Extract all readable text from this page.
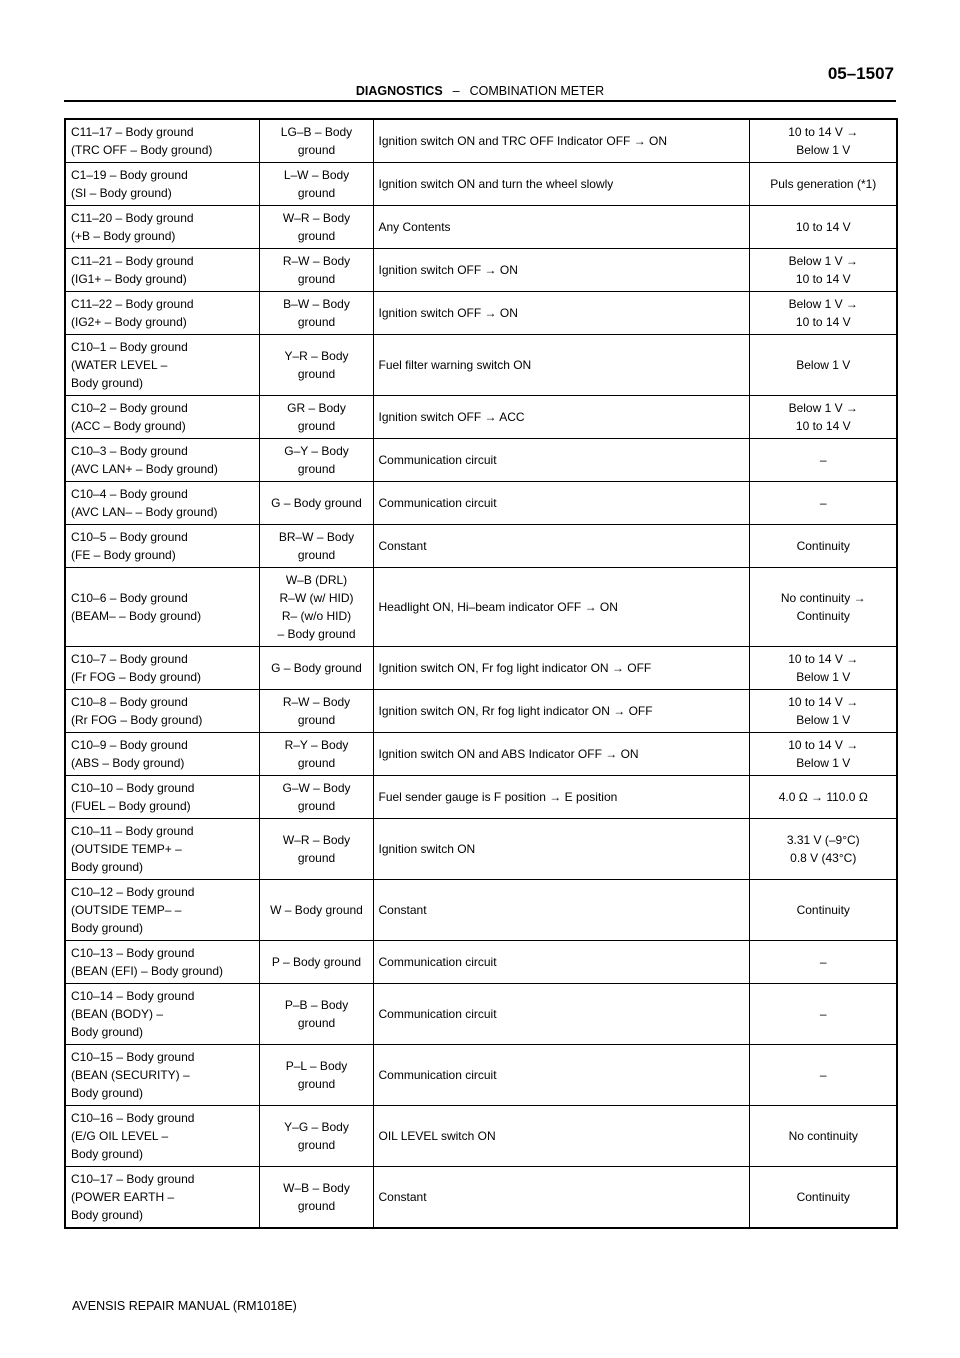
05–1507
DIAGNOSTICS – COMBINATION METER
C11–17 – Body ground
(TRC OFF – Body ground)	LG–B – Body
ground	Ignition switch ON and TRC OFF Indicator OFF → ON	10 to 14 V →
Below 1 V
C1–19 – Body ground
(SI – Body ground)	L–W – Body
ground	Ignition switch ON and turn the wheel slowly	Puls generation (*1)
C11–20 – Body ground
(+B – Body ground)	W–R – Body
ground	Any Contents	10 to 14 V
C11–21 – Body ground
(IG1+ – Body ground)	R–W – Body
ground	Ignition switch OFF → ON	Below 1 V →
10 to 14 V
C11–22 – Body ground
(IG2+ – Body ground)	B–W – Body
ground	Ignition switch OFF → ON	Below 1 V →
10 to 14 V
C10–1 – Body ground
(WATER LEVEL –
Body ground)	Y–R – Body
ground	Fuel filter warning switch ON	Below 1 V
C10–2 – Body ground
(ACC – Body ground)	GR – Body
ground	Ignition switch OFF → ACC	Below 1 V →
10 to 14 V
C10–3 – Body ground
(AVC LAN+ – Body ground)	G–Y – Body
ground	Communication circuit	–
C10–4 – Body ground
(AVC LAN– – Body ground)	G – Body ground	Communication circuit	–
C10–5 – Body ground
(FE – Body ground)	BR–W – Body
ground	Constant	Continuity
C10–6 – Body ground
(BEAM– – Body ground)	W–B (DRL)
R–W (w/ HID)
R– (w/o HID)
– Body ground	Headlight ON, Hi–beam indicator OFF → ON	No continuity →
Continuity
C10–7 – Body ground
(Fr FOG – Body ground)	G – Body ground	Ignition switch ON, Fr fog light indicator ON → OFF	10 to 14 V →
Below 1 V
C10–8 – Body ground
(Rr FOG – Body ground)	R–W – Body
ground	Ignition switch ON, Rr fog light indicator ON → OFF	10 to 14 V →
Below 1 V
C10–9 – Body ground
(ABS – Body ground)	R–Y – Body
ground	Ignition switch ON and ABS Indicator OFF → ON	10 to 14 V →
Below 1 V
C10–10 – Body ground
(FUEL – Body ground)	G–W – Body
ground	Fuel sender gauge is F position → E position	4.0 Ω → 110.0 Ω
C10–11 – Body ground
(OUTSIDE TEMP+ –
Body ground)	W–R – Body
ground	Ignition switch ON	3.31 V (–9°C)
0.8 V (43°C)
C10–12 – Body ground
(OUTSIDE TEMP– –
Body ground)	W – Body ground	Constant	Continuity
C10–13 – Body ground
(BEAN (EFI) – Body ground)	P – Body ground	Communication circuit	–
C10–14 – Body ground
(BEAN (BODY) –
Body ground)	P–B – Body
ground	Communication circuit	–
C10–15 – Body ground
(BEAN (SECURITY) –
Body ground)	P–L – Body
ground	Communication circuit	–
C10–16 – Body ground
(E/G OIL LEVEL –
Body ground)	Y–G – Body
ground	OIL LEVEL switch ON	No continuity
C10–17 – Body ground
(POWER EARTH –
Body ground)	W–B – Body
ground	Constant	Continuity
AVENSIS REPAIR MANUAL (RM1018E)
